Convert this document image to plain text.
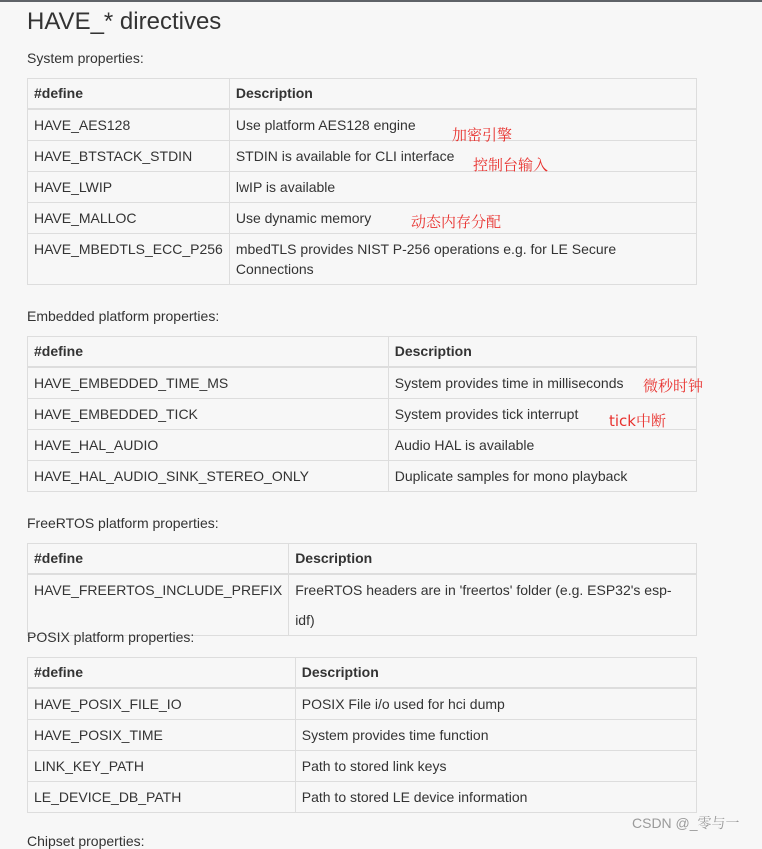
HAVE_* directives

System properties:

#define	Description
HAVE_AES128	Use platform AES128 engine
HAVE_BTSTACK_STDIN	STDIN is available for CLI interface
HAVE_LWIP	lwIP is available
HAVE_MALLOC	Use dynamic memory
HAVE_MBEDTLS_ECC_P256	mbedTLS provides NIST P-256 operations e.g. for LE Secure Connections
加密引擎
控制台输入
动态内存分配

Embedded platform properties:

#define	Description
HAVE_EMBEDDED_TIME_MS	System provides time in milliseconds
HAVE_EMBEDDED_TICK	System provides tick interrupt
HAVE_HAL_AUDIO	Audio HAL is available
HAVE_HAL_AUDIO_SINK_STEREO_ONLY	Duplicate samples for mono playback
微秒时钟
tick中断

FreeRTOS platform properties:

#define	Description
HAVE_FREERTOS_INCLUDE_PREFIX	FreeRTOS headers are in 'freertos' folder (e.g. ESP32's esp-idf)

POSIX platform properties:

#define	Description
HAVE_POSIX_FILE_IO	POSIX File i/o used for hci dump
HAVE_POSIX_TIME	System provides time function
LINK_KEY_PATH	Path to stored link keys
LE_DEVICE_DB_PATH	Path to stored LE device information
CSDN @_零与一
Chipset properties:
